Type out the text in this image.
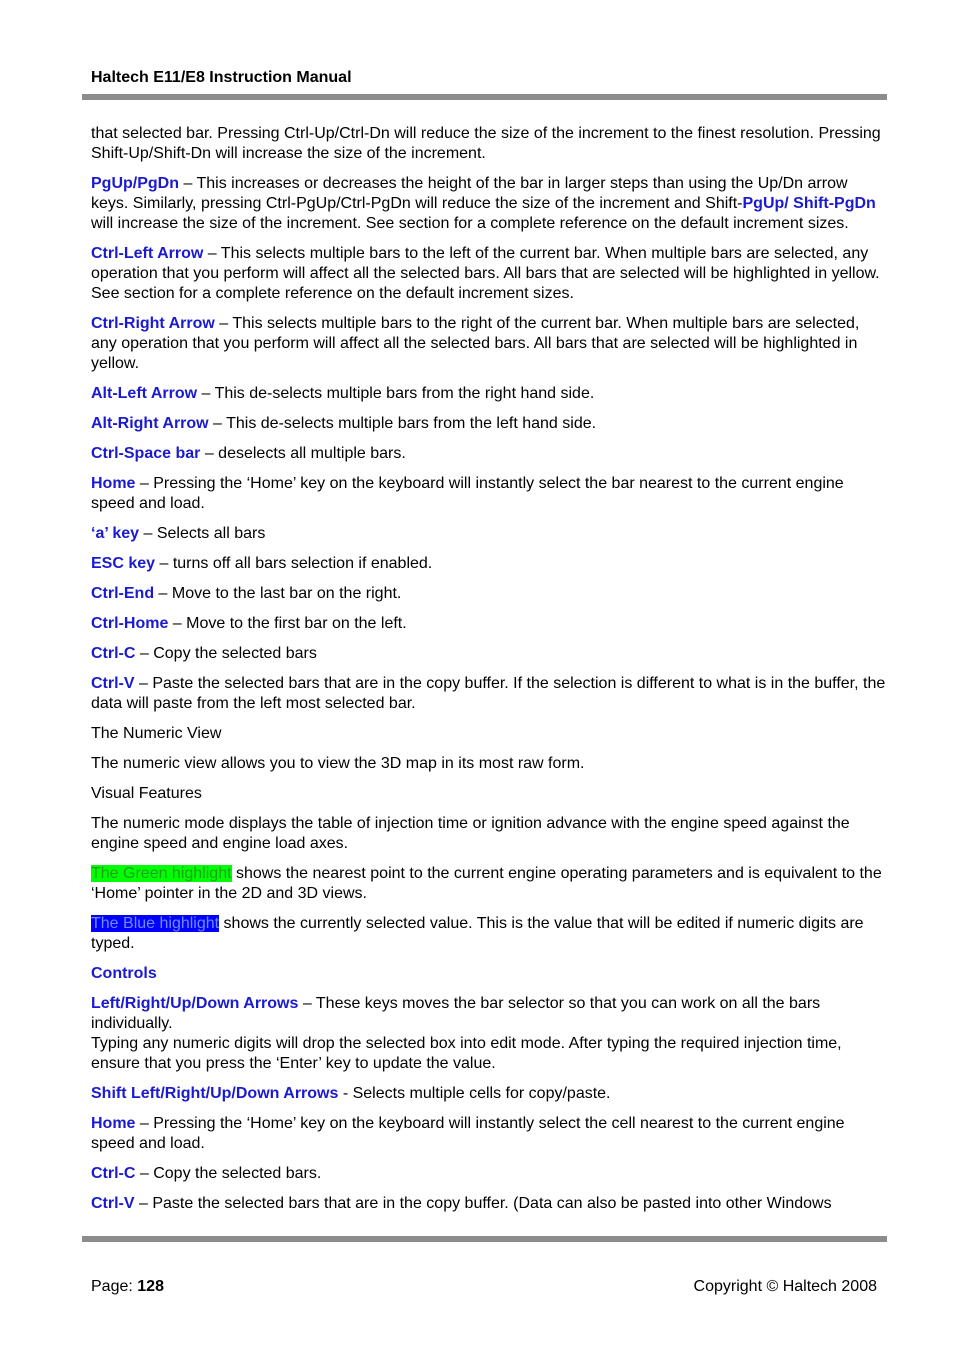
Haltech E11/E8 Instruction Manual

that selected bar. Pressing Ctrl-Up/Ctrl-Dn will reduce the size of the increment to the finest resolution. Pressing Shift-Up/Shift-Dn will increase the size of the increment.

PgUp/PgDn – This increases or decreases the height of the bar in larger steps than using the Up/Dn arrow keys. Similarly, pressing Ctrl-PgUp/Ctrl-PgDn will reduce the size of the increment and Shift-PgUp/ Shift-PgDn will increase the size of the increment. See section for a complete reference on the default increment sizes.

Ctrl-Left Arrow – This selects multiple bars to the left of the current bar. When multiple bars are selected, any operation that you perform will affect all the selected bars. All bars that are selected will be highlighted in yellow. See section for a complete reference on the default increment sizes.

Ctrl-Right Arrow – This selects multiple bars to the right of the current bar. When multiple bars are selected, any operation that you perform will affect all the selected bars. All bars that are selected will be highlighted in yellow.

Alt-Left Arrow – This de-selects multiple bars from the right hand side.

Alt-Right Arrow – This de-selects multiple bars from the left hand side.

Ctrl-Space bar – deselects all multiple bars.

Home – Pressing the ‘Home’ key on the keyboard will instantly select the bar nearest to the current engine speed and load.

‘a’ key – Selects all bars

ESC key – turns off all bars selection if enabled.

Ctrl-End – Move to the last bar on the right.

Ctrl-Home – Move to the first bar on the left.

Ctrl-C – Copy the selected bars

Ctrl-V – Paste the selected bars that are in the copy buffer. If the selection is different to what is in the buffer, the data will paste from the left most selected bar.

The Numeric View

The numeric view allows you to view the 3D map in its most raw form.

Visual Features

The numeric mode displays the table of injection time or ignition advance with the engine speed against the engine speed and engine load axes.

The Green highlight shows the nearest point to the current engine operating parameters and is equivalent to the ‘Home’ pointer in the 2D and 3D views.

The Blue highlight shows the currently selected value. This is the value that will be edited if numeric digits are typed.

Controls

Left/Right/Up/Down Arrows – These keys moves the bar selector so that you can work on all the bars individually.
Typing any numeric digits will drop the selected box into edit mode. After typing the required injection time, ensure that you press the ‘Enter’ key to update the value.

Shift Left/Right/Up/Down Arrows - Selects multiple cells for copy/paste.

Home – Pressing the ‘Home’ key on the keyboard will instantly select the cell nearest to the current engine speed and load.

Ctrl-C – Copy the selected bars.

Ctrl-V – Paste the selected bars that are in the copy buffer. (Data can also be pasted into other Windows

Page: 128	Copyright © Haltech 2008
